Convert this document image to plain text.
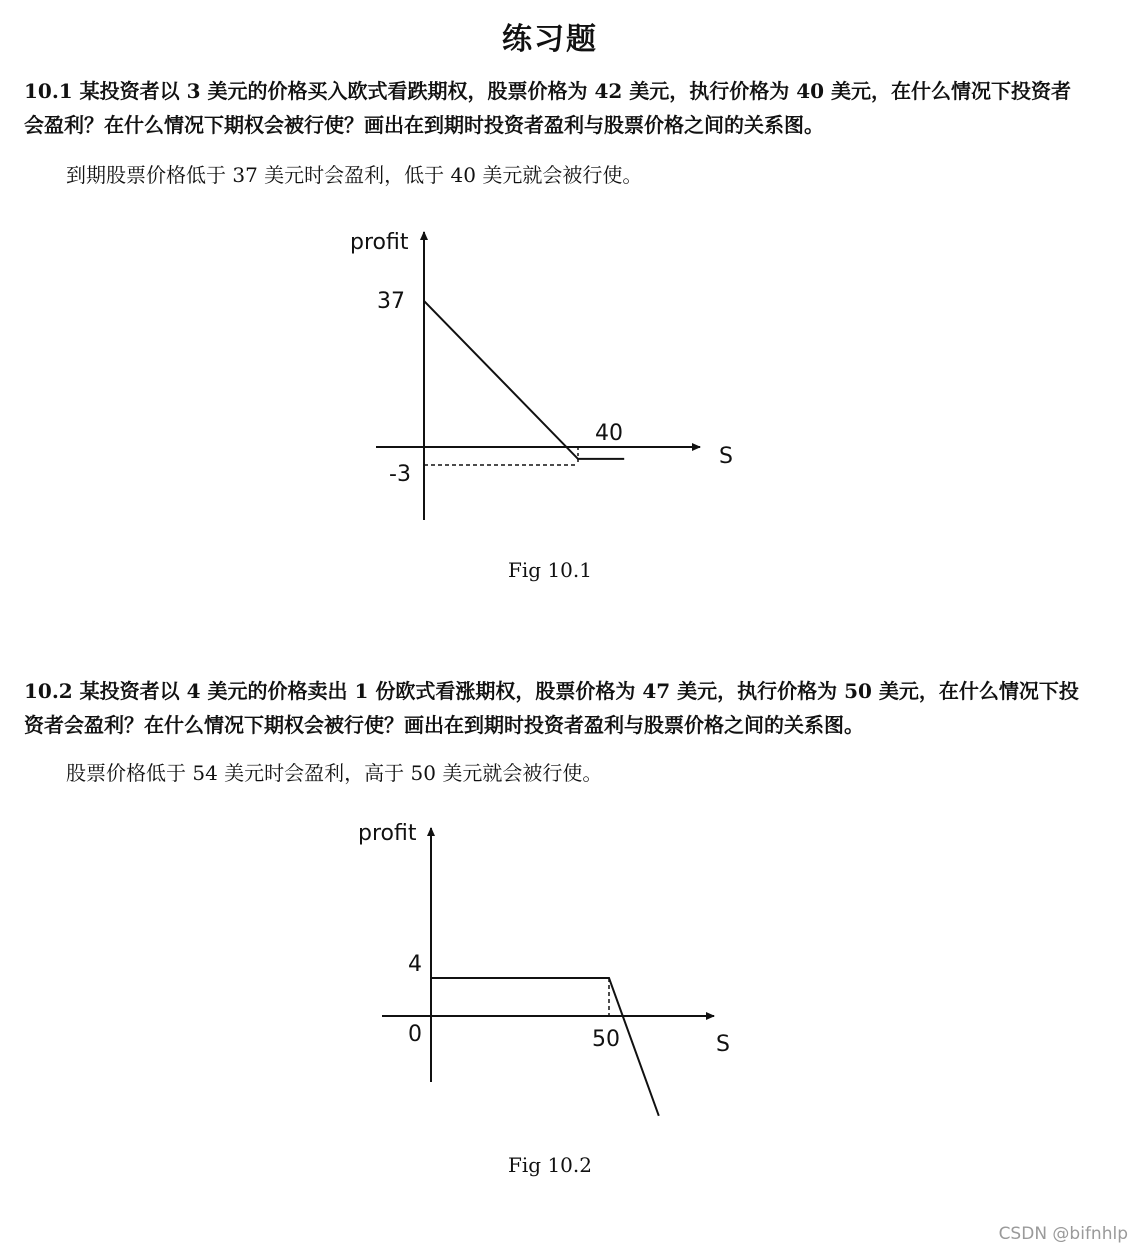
练习题
10.1 某投资者以 3 美元的价格买入欧式看跌期权，股票价格为 42 美元，执行价格为 40 美元，在什么情况下投资者会盈利？在什么情况下期权会被行使？画出在到期时投资者盈利与股票价格之间的关系图。
到期股票价格低于 37 美元时会盈利，低于 40 美元就会被行使。
profit
S
37
-3
40
Fig 10.1
10.2 某投资者以 4 美元的价格卖出 1 份欧式看涨期权，股票价格为 47 美元，执行价格为 50 美元，在什么情况下投资者会盈利？在什么情况下期权会被行使？画出在到期时投资者盈利与股票价格之间的关系图。
股票价格低于 54 美元时会盈利，高于 50 美元就会被行使。
profit
S
4
0	50
Fig 10.2
CSDN @bifnhlp
